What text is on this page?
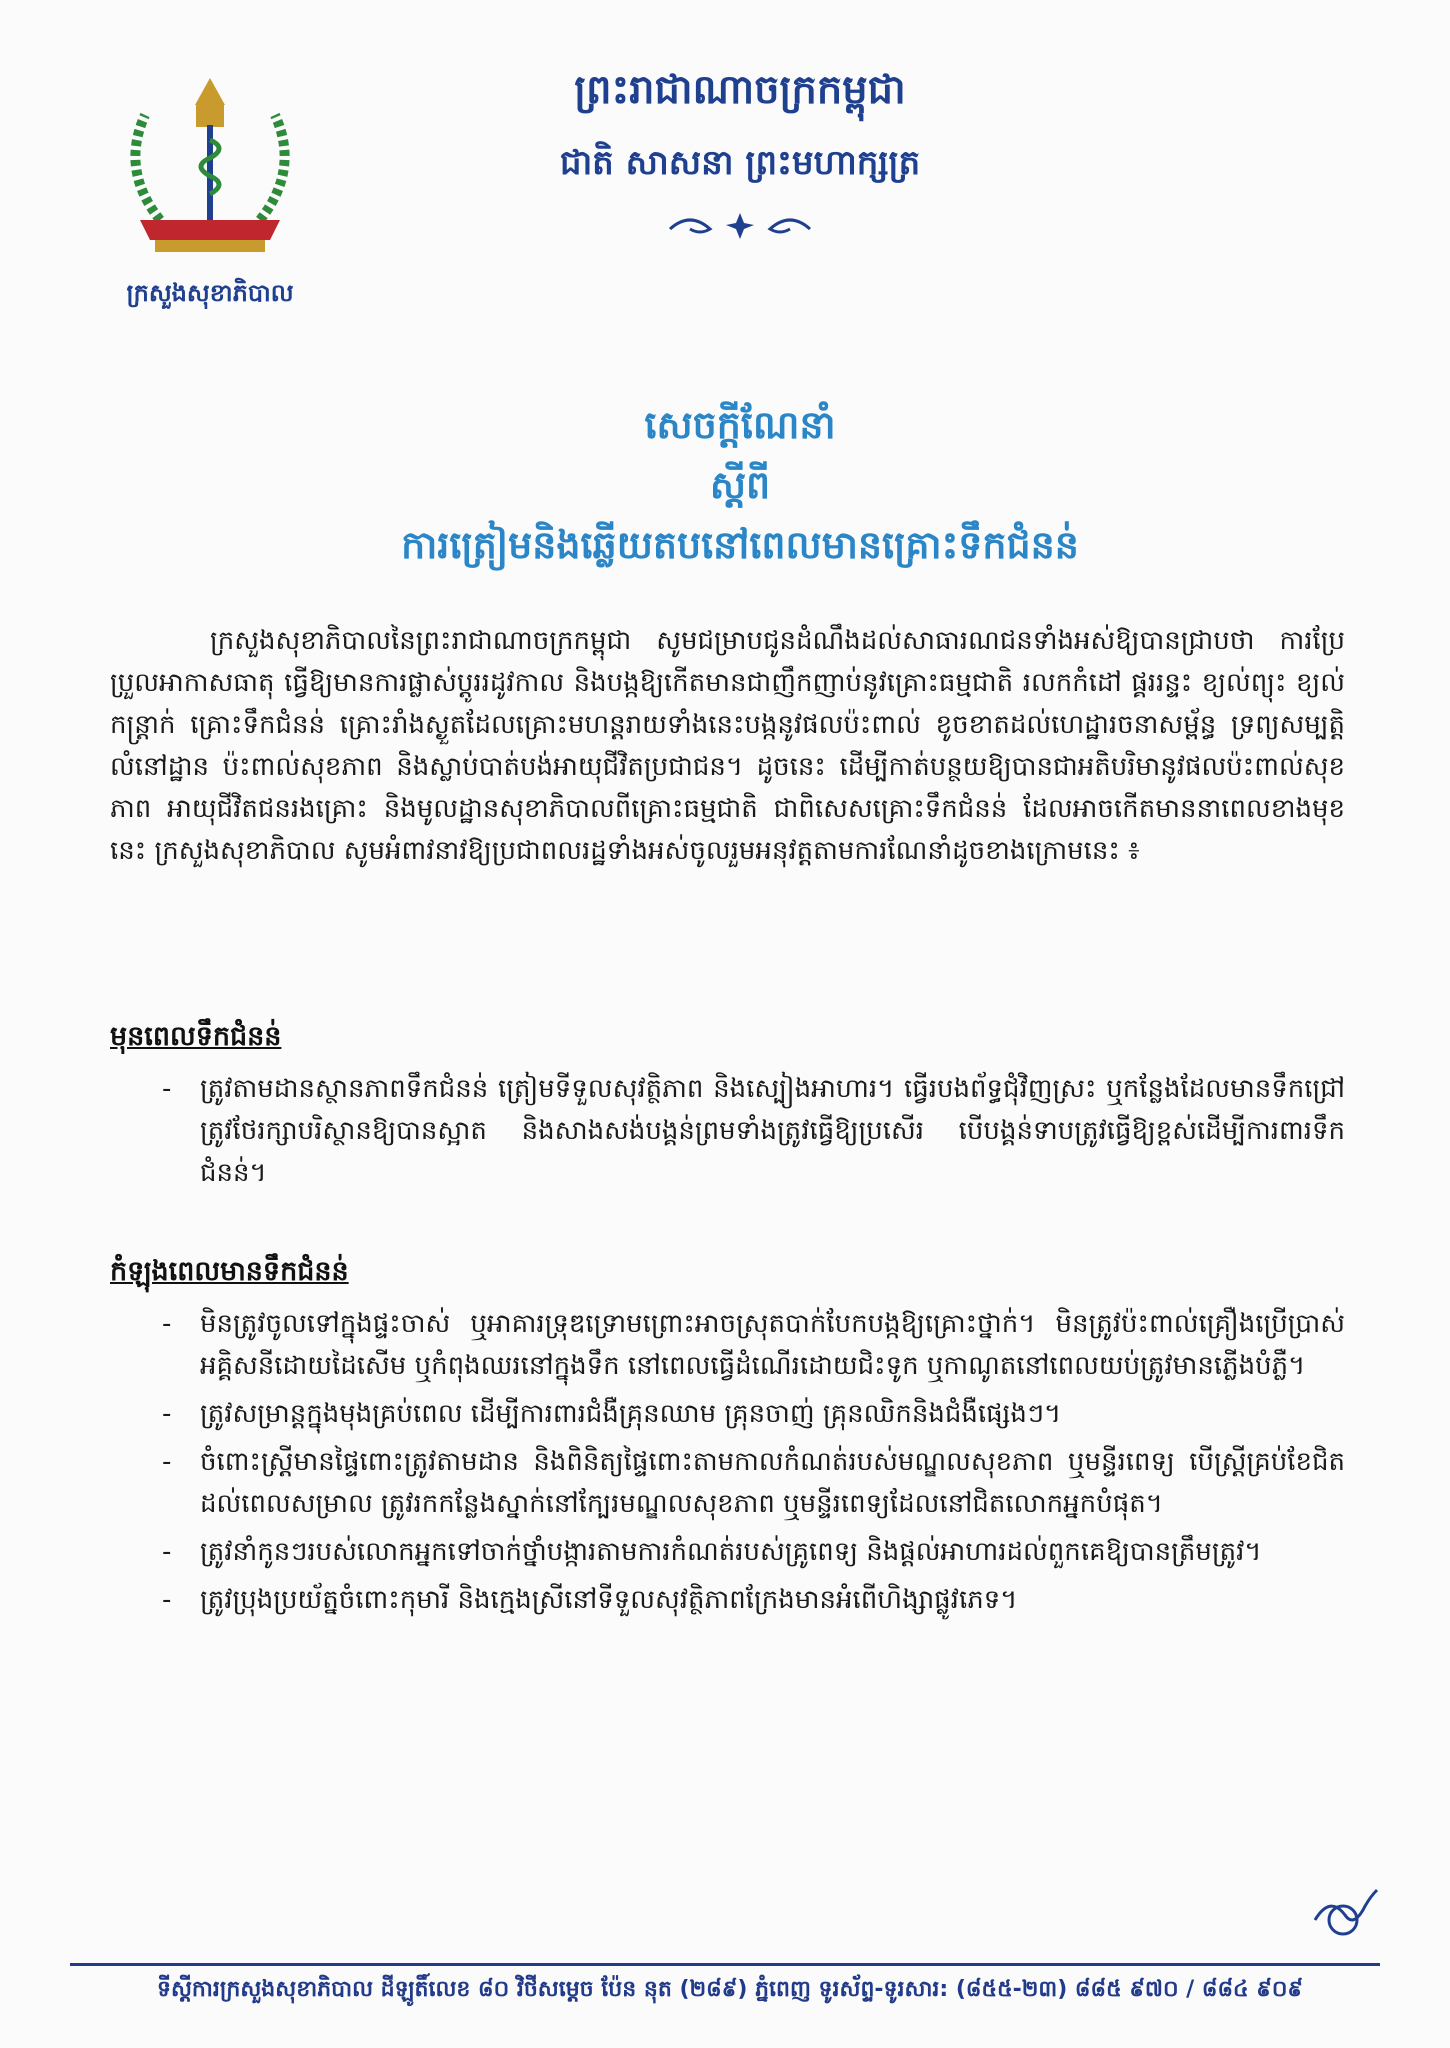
ក្រសួងសុខាភិបាល
ព្រះរាជាណាចក្រកម្ពុជា
ជាតិ សាសនា ព្រះមហាក្សត្រ
សេចក្តីណែនាំ
ស្តីពី
ការត្រៀមនិងឆ្លើយតបនៅពេលមានគ្រោះទឹកជំនន់

ក្រសួងសុខាភិបាលនៃព្រះរាជាណាចក្រកម្ពុជា សូមជម្រាបជូនដំណឹងដល់សាធារណជនទាំងអស់ឱ្យបានជ្រាបថា ការប្រែប្រួលអាកាសធាតុ ធ្វើឱ្យមានការផ្លាស់ប្តូររដូវកាល និងបង្កឱ្យកើតមានជាញឹកញាប់នូវគ្រោះធម្មជាតិ រលកកំដៅ ផ្គររន្ទះ ខ្យល់ព្យុះ ខ្យល់កន្ត្រាក់ គ្រោះទឹកជំនន់ គ្រោះរាំងស្ងួតដែលគ្រោះមហន្តរាយទាំងនេះបង្កនូវផលប៉ះពាល់ ខូចខាតដល់ហេដ្ឋារចនាសម្ព័ន្ធ ទ្រព្យសម្បត្តិ លំនៅដ្ឋាន ប៉ះពាល់សុខភាព និងស្លាប់បាត់បង់អាយុជីវិតប្រជាជន។ ដូចនេះ ដើម្បីកាត់បន្ថយឱ្យបានជាអតិបរិមានូវផលប៉ះពាល់សុខភាព អាយុជីវិតជនរងគ្រោះ និងមូលដ្ឋានសុខាភិបាលពីគ្រោះធម្មជាតិ ជាពិសេសគ្រោះទឹកជំនន់ ដែលអាចកើតមាននាពេលខាងមុខនេះ ក្រសួងសុខាភិបាល សូមអំពាវនាវឱ្យប្រជាពលរដ្ឋទាំងអស់ចូលរួមអនុវត្តតាមការណែនាំដូចខាងក្រោមនេះ ៖

មុនពេលទឹកជំនន់
- ត្រូវតាមដានស្ថានភាពទឹកជំនន់ ត្រៀមទីទួលសុវត្ថិភាព និងស្បៀងអាហារ។ ធ្វើរបងព័ទ្ធជុំវិញស្រះ ឬកន្លែងដែលមានទឹកជ្រៅ ត្រូវថែរក្សាបរិស្ថានឱ្យបានស្អាត និងសាងសង់បង្គន់ព្រមទាំងត្រូវធ្វើឱ្យប្រសើរ បើបង្គន់ទាបត្រូវធ្វើឱ្យខ្ពស់ដើម្បីការពារទឹកជំនន់។
កំឡុងពេលមានទឹកជំនន់
- មិនត្រូវចូលទៅក្នុងផ្ទះចាស់ ឬអាគារទ្រុឌទ្រោមព្រោះអាចស្រុតបាក់បែកបង្កឱ្យគ្រោះថ្នាក់។ មិនត្រូវប៉ះពាល់គ្រឿងប្រើប្រាស់ អគ្គិសនីដោយដៃសើម ឬកំពុងឈរនៅក្នុងទឹក នៅពេលធ្វើដំណើរដោយជិះទូក ឬកាណូតនៅពេលយប់ត្រូវមានភ្លើងបំភ្លឺ។
- ត្រូវសម្រាន្តក្នុងមុងគ្រប់ពេល ដើម្បីការពារជំងឺគ្រុនឈាម គ្រុនចាញ់ គ្រុនឈិកនិងជំងឺផ្សេងៗ។
- ចំពោះស្ត្រីមានផ្ទៃពោះត្រូវតាមដាន និងពិនិត្យផ្ទៃពោះតាមកាលកំណត់របស់មណ្ឌលសុខភាព ឬមន្ទីរពេទ្យ បើស្ត្រីគ្រប់ខែជិតដល់ពេលសម្រាល ត្រូវរកកន្លែងស្នាក់នៅក្បែរមណ្ឌលសុខភាព ឬមន្ទីរពេទ្យដែលនៅជិតលោកអ្នកបំផុត។
- ត្រូវនាំកូនៗរបស់លោកអ្នកទៅចាក់ថ្នាំបង្ការតាមការកំណត់របស់គ្រូពេទ្យ និងផ្តល់អាហារដល់ពួកគេឱ្យបានត្រឹមត្រូវ។
- ត្រូវប្រុងប្រយ័ត្នចំពោះកុមារី និងក្មេងស្រីនៅទីទួលសុវត្ថិភាពក្រែងមានអំពើហិង្សាផ្លូវភេទ។
ទីស្តីការក្រសួងសុខាភិបាល ដីឡូតិ៍លេខ ៨០ វិថីសម្តេច ប៉ែន នុត (២៨៩) ភ្នំពេញ ទូរស័ព្ទ-ទូរសារ: (៨៥៥-២៣) ៨៨៥ ៩៧០ / ៨៨៤ ៩០៩
